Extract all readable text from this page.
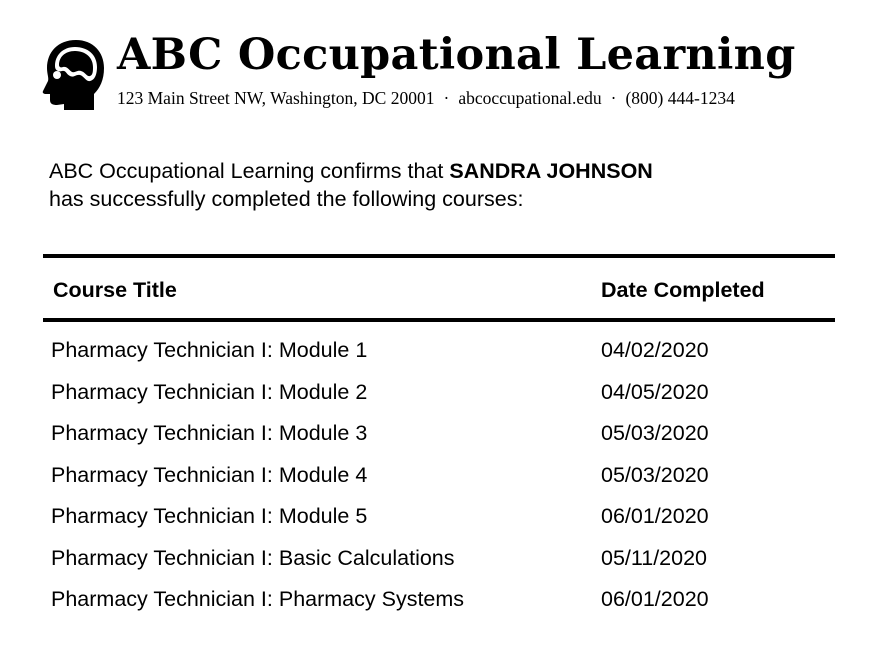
ABC Occupational Learning
123 Main Street NW, Washington, DC 20001 · abcoccupational.edu · (800) 444-1234
ABC Occupational Learning confirms that SANDRA JOHNSON
has successfully completed the following courses:
Course Title	Date Completed
Pharmacy Technician I: Module 1	04/02/2020
Pharmacy Technician I: Module 2	04/05/2020
Pharmacy Technician I: Module 3	05/03/2020
Pharmacy Technician I: Module 4	05/03/2020
Pharmacy Technician I: Module 5	06/01/2020
Pharmacy Technician I: Basic Calculations	05/11/2020
Pharmacy Technician I: Pharmacy Systems	06/01/2020
